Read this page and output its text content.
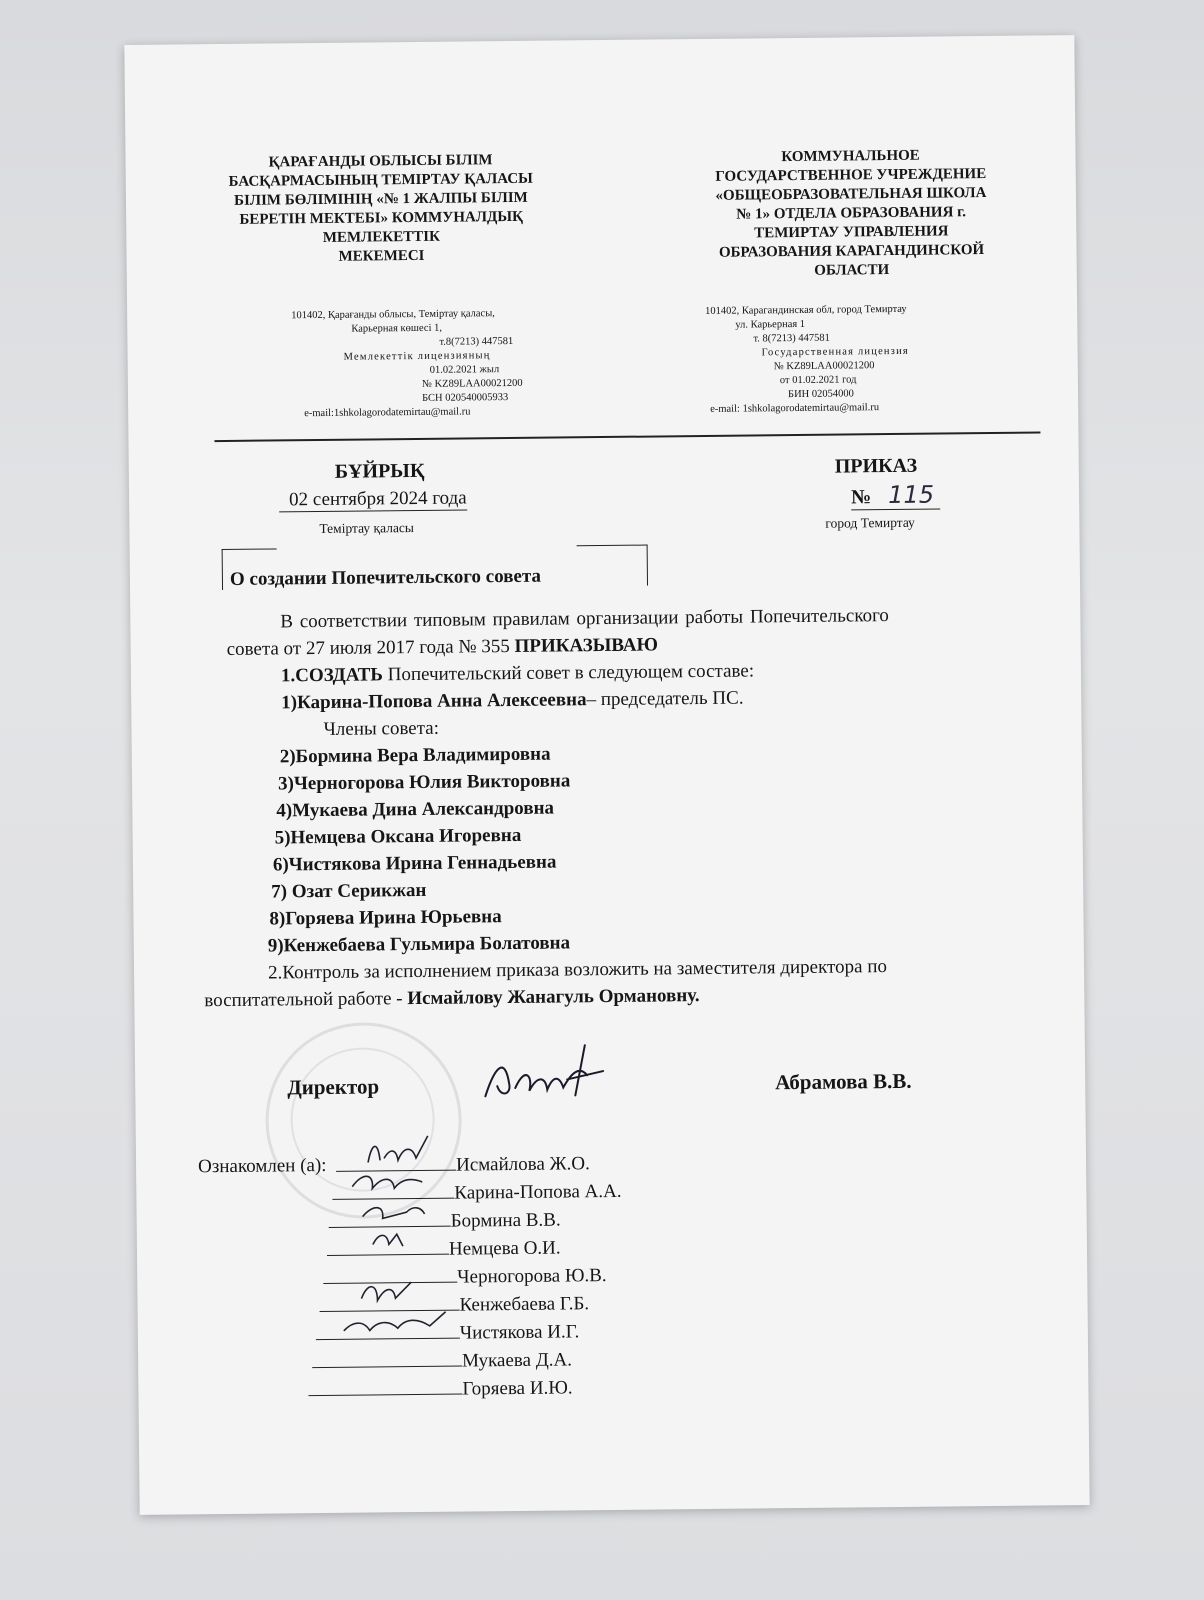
ҚАРАҒАНДЫ ОБЛЫСЫ БІЛІМ
БАСҚАРМАСЫНЫҢ ТЕМІРТАУ ҚАЛАСЫ
БІЛІМ БӨЛІМІНІҢ «№ 1 ЖАЛПЫ БІЛІМ
БЕРЕТІН МЕКТЕБІ» КОММУНАЛДЫҚ
МЕМЛЕКЕТТІК
МЕКЕМЕСІ
101402, Қарағанды облысы, Теміртау қаласы,
Карьерная көшесі 1,
т.8(7213) 447581
Мемлекеттік лицензияның
01.02.2021 жыл
№ KZ89LAA00021200
БСН 020540005933
e-mail:1shkolagorodatemirtau@mail.ru
КОММУНАЛЬНОЕ
ГОСУДАРСТВЕННОЕ УЧРЕЖДЕНИЕ
«ОБЩЕОБРАЗОВАТЕЛЬНАЯ ШКОЛА
№ 1» ОТДЕЛА ОБРАЗОВАНИЯ г.
ТЕМИРТАУ УПРАВЛЕНИЯ
ОБРАЗОВАНИЯ КАРАГАНДИНСКОЙ
ОБЛАСТИ
101402, Карагандинская обл, город Темиртау
ул. Карьерная 1
т. 8(7213) 447581
Государственная лицензия
№ KZ89LAA00021200
от 01.02.2021 год
БИН 02054000
e-mail: 1shkolagorodatemirtau@mail.ru
БҰЙРЫҚ
02 сентября 2024 года
Теміртау қаласы
ПРИКАЗ
№ 115
город Темиртау
О создании Попечительского совета
В соответствии типовым правилам организации работы Попечительского
совета от 27 июля 2017 года № 355 ПРИКАЗЫВАЮ
1.СОЗДАТЬ Попечительский совет в следующем составе:
1)Карина-Попова Анна Алексеевна– председатель ПС.
Члены совета:
2)Бормина Вера Владимировна
3)Черногорова Юлия Викторовна
4)Мукаева Дина Александровна
5)Немцева Оксана Игоревна
6)Чистякова Ирина Геннадьевна
7) Озат Серикжан
8)Горяева Ирина Юрьевна
9)Кенжебаева Гульмира Болатовна
2.Контроль за исполнением приказа возложить на заместителя директора по
воспитательной работе - Исмайлову Жанагуль Ормановну.
Директор	Абрамова В.В.
Ознакомлен (а):	Исмайлова Ж.О.
Карина-Попова А.А.
Бормина В.В.
Немцева О.И.
Черногорова Ю.В.
Кенжебаева Г.Б.
Чистякова И.Г.
Мукаева Д.А.
Горяева И.Ю.
